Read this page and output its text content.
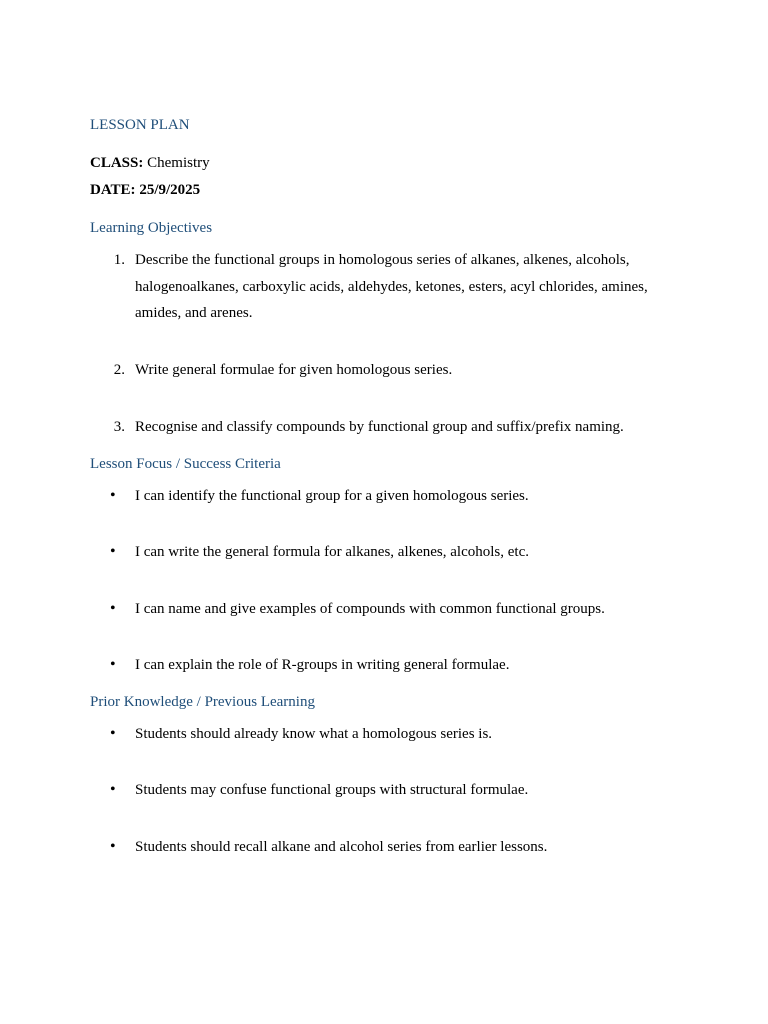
LESSON PLAN
CLASS: Chemistry
DATE: 25/9/2025
Learning Objectives
1. Describe the functional groups in homologous series of alkanes, alkenes, alcohols, halogenoalkanes, carboxylic acids, aldehydes, ketones, esters, acyl chlorides, amines, amides, and arenes.
2. Write general formulae for given homologous series.
3. Recognise and classify compounds by functional group and suffix/prefix naming.
Lesson Focus / Success Criteria
• I can identify the functional group for a given homologous series.
• I can write the general formula for alkanes, alkenes, alcohols, etc.
• I can name and give examples of compounds with common functional groups.
• I can explain the role of R-groups in writing general formulae.
Prior Knowledge / Previous Learning
• Students should already know what a homologous series is.
• Students may confuse functional groups with structural formulae.
• Students should recall alkane and alcohol series from earlier lessons.
